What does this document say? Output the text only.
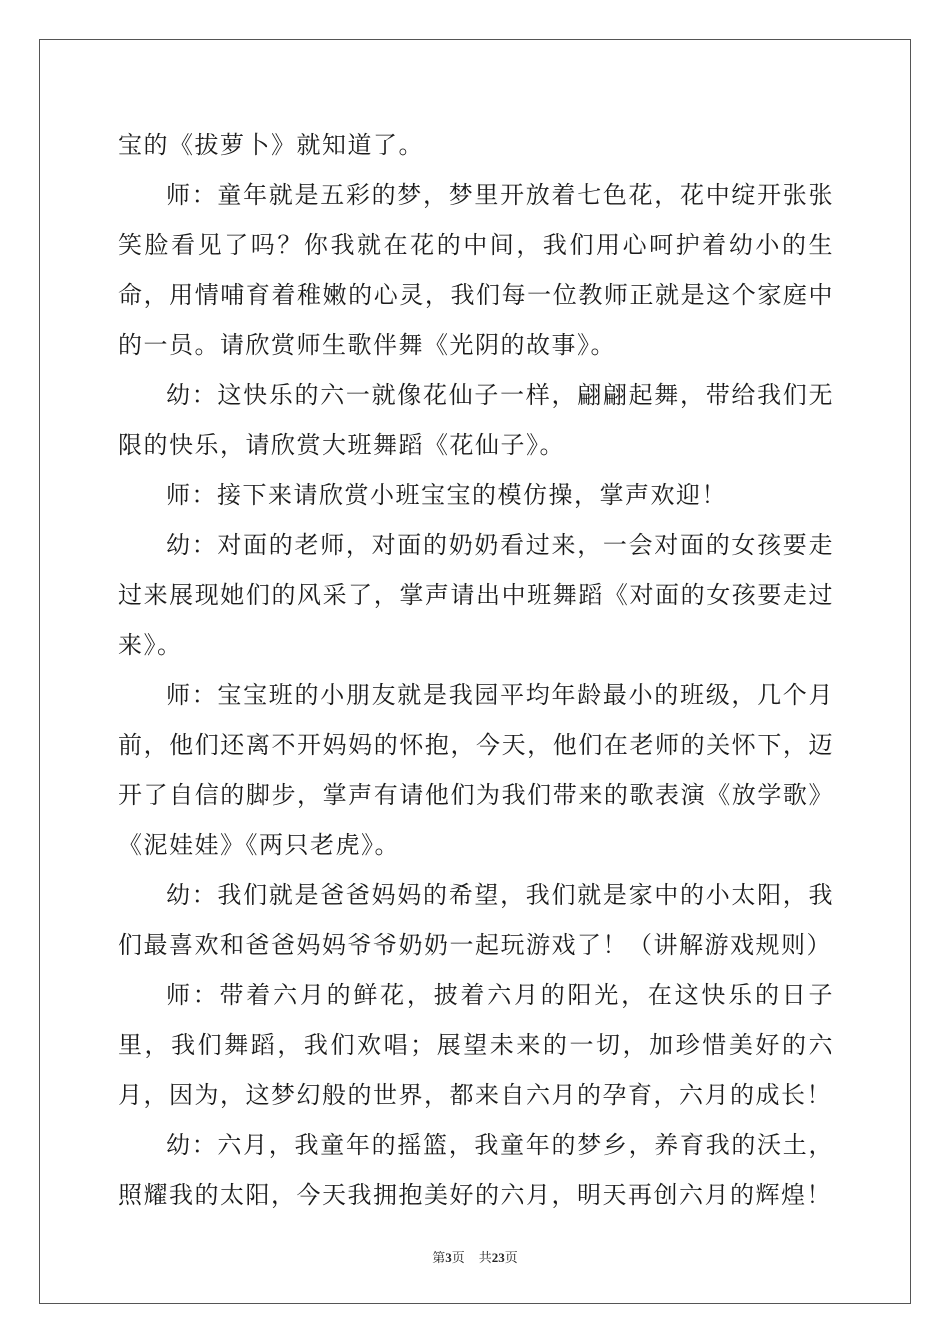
宝的《拔萝卜》就知道了。

师：童年就是五彩的梦，梦里开放着七色花，花中绽开张张笑脸看见了吗？你我就在花的中间，我们用心呵护着幼小的生命，用情哺育着稚嫩的心灵，我们每一位教师正就是这个家庭中的一员。请欣赏师生歌伴舞《光阴的故事》。

幼：这快乐的六一就像花仙子一样，翩翩起舞，带给我们无限的快乐，请欣赏大班舞蹈《花仙子》。

师：接下来请欣赏小班宝宝的模仿操，掌声欢迎！

幼：对面的老师，对面的奶奶看过来，一会对面的女孩要走过来展现她们的风采了，掌声请出中班舞蹈《对面的女孩要走过来》。

师：宝宝班的小朋友就是我园平均年龄最小的班级，几个月前，他们还离不开妈妈的怀抱，今天，他们在老师的关怀下，迈开了自信的脚步，掌声有请他们为我们带来的歌表演《放学歌》《泥娃娃》《两只老虎》。

幼：我们就是爸爸妈妈的希望，我们就是家中的小太阳，我们最喜欢和爸爸妈妈爷爷奶奶一起玩游戏了！（讲解游戏规则）

师：带着六月的鲜花，披着六月的阳光，在这快乐的日子里，我们舞蹈，我们欢唱；展望未来的一切，加珍惜美好的六月，因为，这梦幻般的世界，都来自六月的孕育，六月的成长！

幼：六月，我童年的摇篮，我童年的梦乡，养育我的沃土，照耀我的太阳，今天我拥抱美好的六月，明天再创六月的辉煌！

第3页 共23页
